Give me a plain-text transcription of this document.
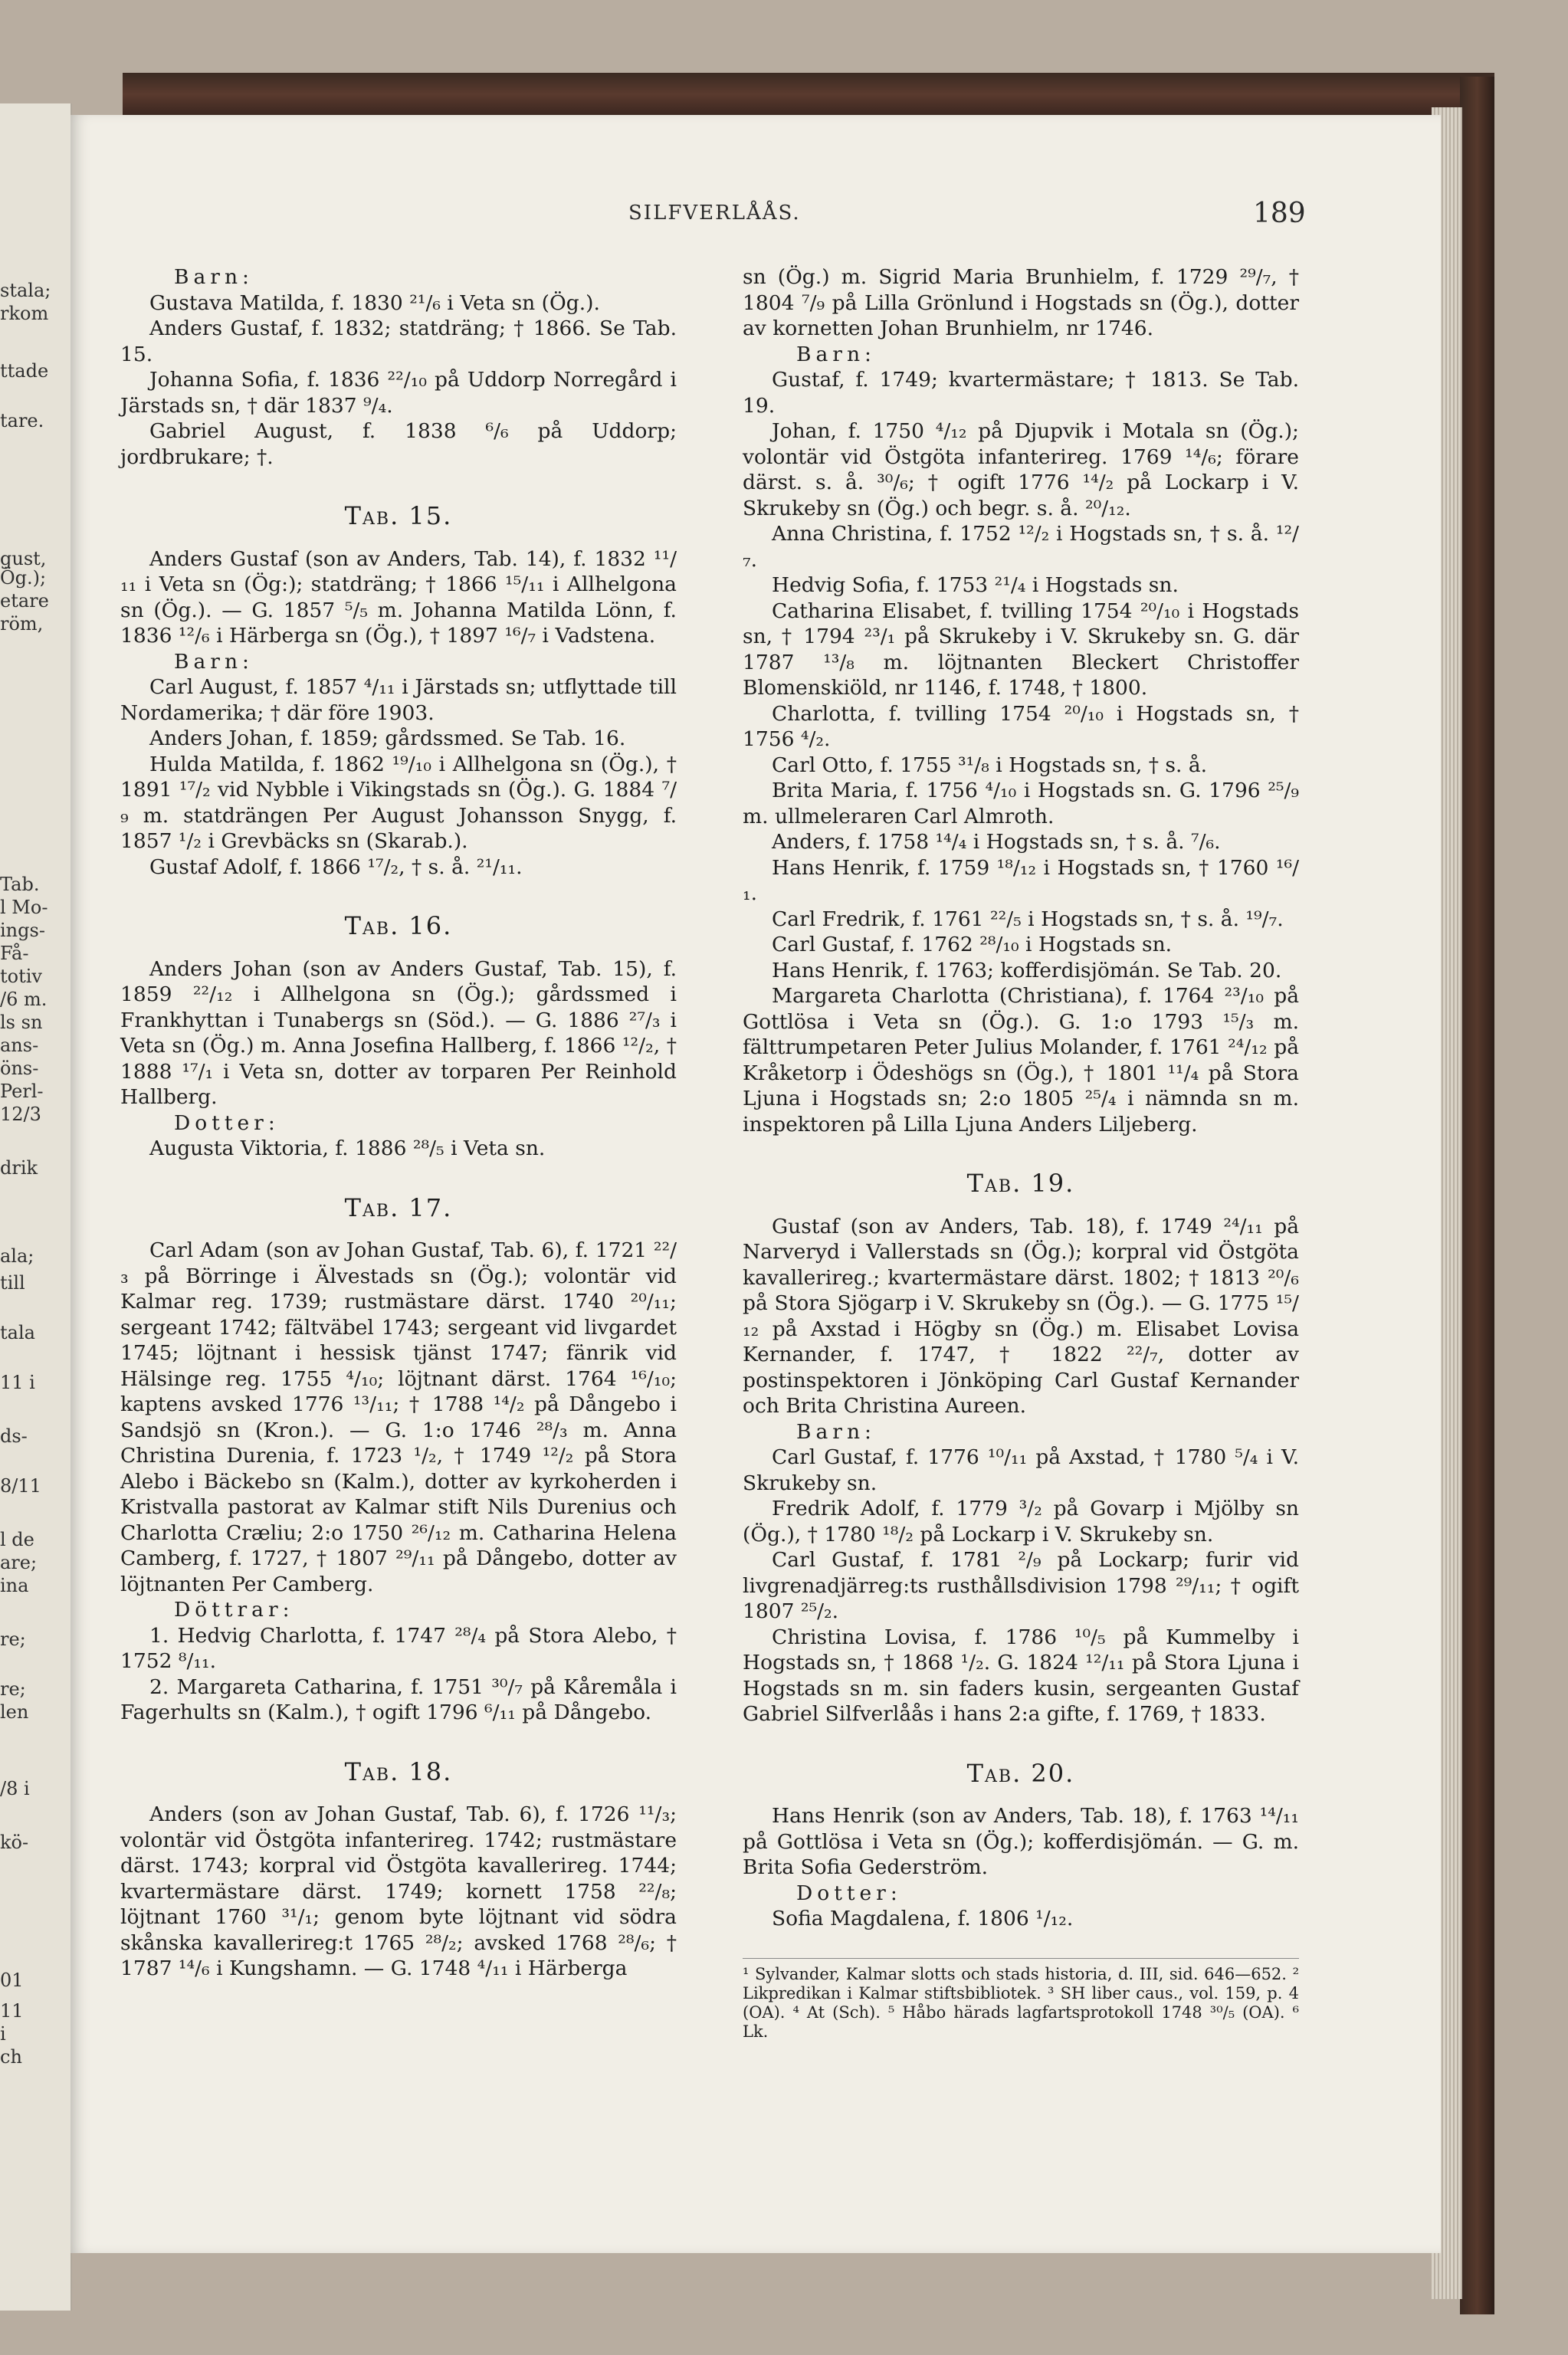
stala;
rkom
ttade
tare.
gust,
Ög.);
etare
röm,
Tab.
l Mo-
ings-
Få-
totiv
/6 m.
ls sn
ans-
öns-
Perl-
12/3
drik
ala;
till
tala
11 i
ds-
8/11
l de
are;
ina
re;
re;
len
/8 i
kö-
01
11
i
ch
SILFVERLÅÅS.	189

Barn:

Gustava Matilda, f. 1830 ²¹/₆ i Veta sn (Ög.).

Anders Gustaf, f. 1832; statdräng; † 1866. Se Tab. 15.

Johanna Sofia, f. 1836 ²²/₁₀ på Uddorp Norregård i Järstads sn, † där 1837 ⁹/₄.

Gabriel August, f. 1838 ⁶/₆ på Uddorp; jordbrukare; †.

Tab. 15.

Anders Gustaf (son av Anders, Tab. 14), f. 1832 ¹¹/₁₁ i Veta sn (Ög:); statdräng; † 1866 ¹⁵/₁₁ i Allhelgona sn (Ög.). — G. 1857 ⁵/₅ m. Johanna Matilda Lönn, f. 1836 ¹²/₆ i Härberga sn (Ög.), † 1897 ¹⁶/₇ i Vadstena.

Barn:

Carl August, f. 1857 ⁴/₁₁ i Järstads sn; utflyttade till Nordamerika; † där före 1903.

Anders Johan, f. 1859; gårdssmed. Se Tab. 16.

Hulda Matilda, f. 1862 ¹⁹/₁₀ i Allhelgona sn (Ög.), † 1891 ¹⁷/₂ vid Nybble i Vikingstads sn (Ög.). G. 1884 ⁷/₉ m. statdrängen Per August Johansson Snygg, f. 1857 ¹/₂ i Grevbäcks sn (Skarab.).

Gustaf Adolf, f. 1866 ¹⁷/₂, † s. å. ²¹/₁₁.

Tab. 16.

Anders Johan (son av Anders Gustaf, Tab. 15), f. 1859 ²²/₁₂ i Allhelgona sn (Ög.); gårdssmed i Frankhyttan i Tunabergs sn (Söd.). — G. 1886 ²⁷/₃ i Veta sn (Ög.) m. Anna Josefina Hallberg, f. 1866 ¹²/₂, † 1888 ¹⁷/₁ i Veta sn, dotter av torparen Per Reinhold Hallberg.

Dotter:

Augusta Viktoria, f. 1886 ²⁸/₅ i Veta sn.

Tab. 17.

Carl Adam (son av Johan Gustaf, Tab. 6), f. 1721 ²²/₃ på Börringe i Älvestads sn (Ög.); volontär vid Kalmar reg. 1739; rustmästare därst. 1740 ²⁰/₁₁; sergeant 1742; fältväbel 1743; sergeant vid livgardet 1745; löjtnant i hessisk tjänst 1747; fänrik vid Hälsinge reg. 1755 ⁴/₁₀; löjtnant därst. 1764 ¹⁶/₁₀; kaptens avsked 1776 ¹³/₁₁; † 1788 ¹⁴/₂ på Dångebo i Sandsjö sn (Kron.). — G. 1:o 1746 ²⁸/₃ m. Anna Christina Durenia, f. 1723 ¹/₂, † 1749 ¹²/₂ på Stora Alebo i Bäckebo sn (Kalm.), dotter av kyrkoherden i Kristvalla pastorat av Kalmar stift Nils Durenius och Charlotta Cræliu; 2:o 1750 ²⁶/₁₂ m. Catharina Helena Camberg, f. 1727, † 1807 ²⁹/₁₁ på Dångebo, dotter av löjtnanten Per Camberg.

Döttrar:

1. Hedvig Charlotta, f. 1747 ²⁸/₄ på Stora Alebo, † 1752 ⁸/₁₁.

2. Margareta Catharina, f. 1751 ³⁰/₇ på Kåremåla i Fagerhults sn (Kalm.), † ogift 1796 ⁶/₁₁ på Dångebo.

Tab. 18.

Anders (son av Johan Gustaf, Tab. 6), f. 1726 ¹¹/₃; volontär vid Östgöta infanterireg. 1742; rustmästare därst. 1743; korpral vid Östgöta kavallerireg. 1744; kvartermästare därst. 1749; kornett 1758 ²²/₈; löjtnant 1760 ³¹/₁; genom byte löjtnant vid södra skånska kavallerireg:t 1765 ²⁸/₂; avsked 1768 ²⁸/₆; † 1787 ¹⁴/₆ i Kungshamn. — G. 1748 ⁴/₁₁ i Härberga

sn (Ög.) m. Sigrid Maria Brunhielm, f. 1729 ²⁹/₇, † 1804 ⁷/₉ på Lilla Grönlund i Hogstads sn (Ög.), dotter av kornetten Johan Brunhielm, nr 1746.

Barn:

Gustaf, f. 1749; kvartermästare; † 1813. Se Tab. 19.

Johan, f. 1750 ⁴/₁₂ på Djupvik i Motala sn (Ög.); volontär vid Östgöta infanterireg. 1769 ¹⁴/₆; förare därst. s. å. ³⁰/₆; † ogift 1776 ¹⁴/₂ på Lockarp i V. Skrukeby sn (Ög.) och begr. s. å. ²⁰/₁₂.

Anna Christina, f. 1752 ¹²/₂ i Hogstads sn, † s. å. ¹²/₇.

Hedvig Sofia, f. 1753 ²¹/₄ i Hogstads sn.

Catharina Elisabet, f. tvilling 1754 ²⁰/₁₀ i Hogstads sn, † 1794 ²³/₁ på Skrukeby i V. Skrukeby sn. G. där 1787 ¹³/₈ m. löjtnanten Bleckert Christoffer Blomenskiöld, nr 1146, f. 1748, † 1800.

Charlotta, f. tvilling 1754 ²⁰/₁₀ i Hogstads sn, † 1756 ⁴/₂.

Carl Otto, f. 1755 ³¹/₈ i Hogstads sn, † s. å.

Brita Maria, f. 1756 ⁴/₁₀ i Hogstads sn. G. 1796 ²⁵/₉ m. ullmeleraren Carl Almroth.

Anders, f. 1758 ¹⁴/₄ i Hogstads sn, † s. å. ⁷/₆.

Hans Henrik, f. 1759 ¹⁸/₁₂ i Hogstads sn, † 1760 ¹⁶/₁.

Carl Fredrik, f. 1761 ²²/₅ i Hogstads sn, † s. å. ¹⁹/₇.

Carl Gustaf, f. 1762 ²⁸/₁₀ i Hogstads sn.

Hans Henrik, f. 1763; kofferdisjömán. Se Tab. 20.

Margareta Charlotta (Christiana), f. 1764 ²³/₁₀ på Gottlösa i Veta sn (Ög.). G. 1:o 1793 ¹⁵/₃ m. fälttrumpetaren Peter Julius Molander, f. 1761 ²⁴/₁₂ på Kråketorp i Ödeshögs sn (Ög.), † 1801 ¹¹/₄ på Stora Ljuna i Hogstads sn; 2:o 1805 ²⁵/₄ i nämnda sn m. inspektoren på Lilla Ljuna Anders Liljeberg.

Tab. 19.

Gustaf (son av Anders, Tab. 18), f. 1749 ²⁴/₁₁ på Narveryd i Vallerstads sn (Ög.); korpral vid Östgöta kavallerireg.; kvartermästare därst. 1802; † 1813 ²⁰/₆ på Stora Sjögarp i V. Skrukeby sn (Ög.). — G. 1775 ¹⁵/₁₂ på Axstad i Högby sn (Ög.) m. Elisabet Lovisa Kernander, f. 1747, † 1822 ²²/₇, dotter av postinspektoren i Jönköping Carl Gustaf Kernander och Brita Christina Aureen.

Barn:

Carl Gustaf, f. 1776 ¹⁰/₁₁ på Axstad, † 1780 ⁵/₄ i V. Skrukeby sn.

Fredrik Adolf, f. 1779 ³/₂ på Govarp i Mjölby sn (Ög.), † 1780 ¹⁸/₂ på Lockarp i V. Skrukeby sn.

Carl Gustaf, f. 1781 ²/₉ på Lockarp; furir vid livgrenadjärreg:ts rusthållsdivision 1798 ²⁹/₁₁; † ogift 1807 ²⁵/₂.

Christina Lovisa, f. 1786 ¹⁰/₅ på Kummelby i Hogstads sn, † 1868 ¹/₂. G. 1824 ¹²/₁₁ på Stora Ljuna i Hogstads sn m. sin faders kusin, sergeanten Gustaf Gabriel Silfverlåås i hans 2:a gifte, f. 1769, † 1833.

Tab. 20.

Hans Henrik (son av Anders, Tab. 18), f. 1763 ¹⁴/₁₁ på Gottlösa i Veta sn (Ög.); kofferdisjömán. — G. m. Brita Sofia Gederström.

Dotter:

Sofia Magdalena, f. 1806 ¹/₁₂.

¹ Sylvander, Kalmar slotts och stads historia, d. III, sid. 646—652. ² Likpredikan i Kalmar stiftsbibliotek. ³ SH liber caus., vol. 159, p. 4 (OA). ⁴ At (Sch). ⁵ Håbo härads lagfartsprotokoll 1748 ³⁰/₅ (OA). ⁶ Lk.
